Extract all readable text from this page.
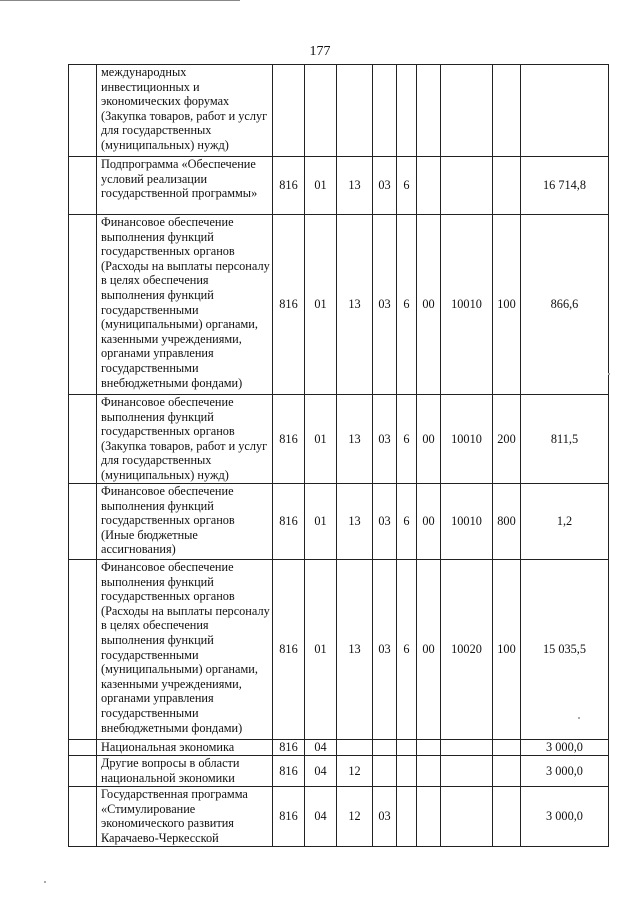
177
	международных инвестиционных и экономических форумах (Закупка товаров, работ и услуг для государственных (муниципальных) нужд)									
	Подпрограмма «Обеспечение условий реализации государственной программы»	816	01	13	03	6				16 714,8
	Финансовое обеспечение выполнения функций государственных органов (Расходы на выплаты персоналу в целях обеспечения выполнения функций государственными (муниципальными) органами, казенными учреждениями, органами управления государственными внебюджетными фондами)	816	01	13	03	6	00	10010	100	866,6
	Финансовое обеспечение выполнения функций государственных органов (Закупка товаров, работ и услуг для государственных (муниципальных) нужд)	816	01	13	03	6	00	10010	200	811,5
	Финансовое обеспечение выполнения функций государственных органов (Иные бюджетные ассигнования)	816	01	13	03	6	00	10010	800	1,2
	Финансовое обеспечение выполнения функций государственных органов (Расходы на выплаты персоналу в целях обеспечения выполнения функций государственными (муниципальными) органами, казенными учреждениями, органами управления государственными внебюджетными фондами)	816	01	13	03	6	00	10020	100	15 035,5
	Национальная экономика	816	04							3 000,0
	Другие вопросы в области национальной экономики	816	04	12						3 000,0
	Государственная программа «Стимулирование экономического развития Карачаево-Черкесской	816	04	12	03					3 000,0
